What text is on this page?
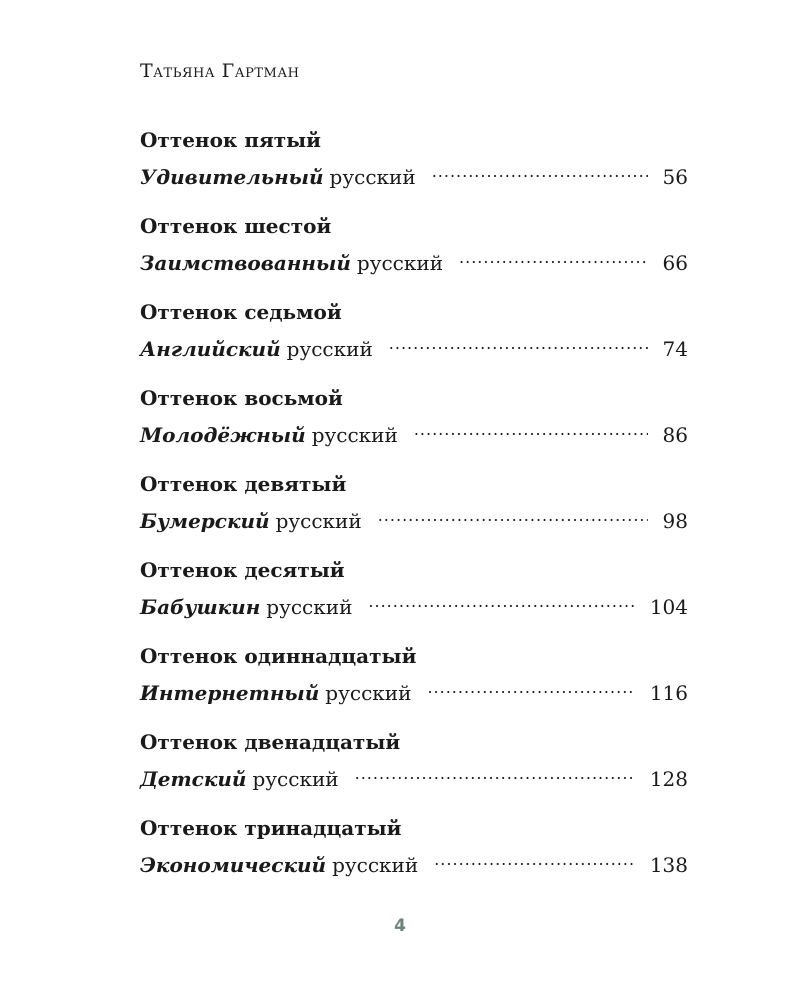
Татьяна Гартман
Оттенок пятый
Удивительный русский .....	56
Оттенок шестой
Заимствованный русский .....	66
Оттенок седьмой
Английский русский .....	74
Оттенок восьмой
Молодёжный русский .....	86
Оттенок девятый
Бумерский русский .....	98
Оттенок десятый
Бабушкин русский .....	104
Оттенок одиннадцатый
Интернетный русский .....	116
Оттенок двенадцатый
Детский русский .....	128
Оттенок тринадцатый
Экономический русский .....	138
4
